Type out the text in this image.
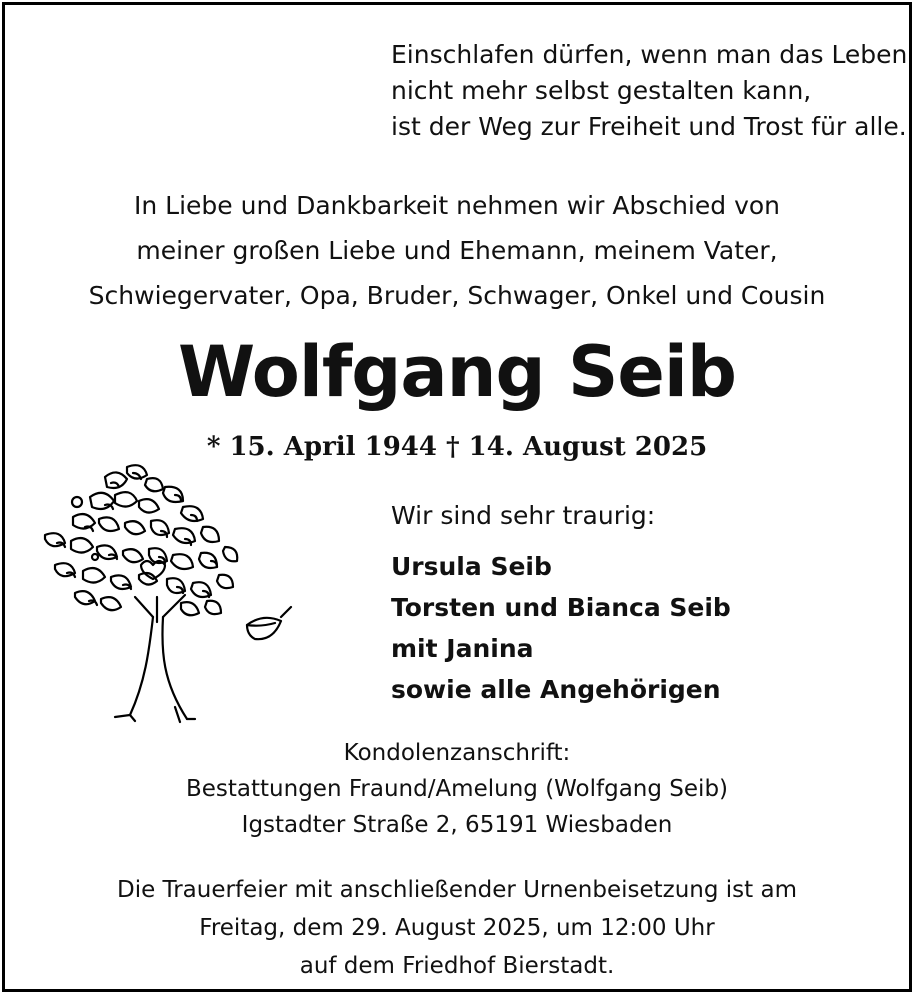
Einschlafen dürfen, wenn man das Leben
nicht mehr selbst gestalten kann,
ist der Weg zur Freiheit und Trost für alle.
In Liebe und Dankbarkeit nehmen wir Abschied von
meiner großen Liebe und Ehemann, meinem Vater,
Schwiegervater, Opa, Bruder, Schwager, Onkel und Cousin
Wolfgang Seib
* 15. April 1944 † 14. August 2025
Wir sind sehr traurig:
Ursula Seib
Torsten und Bianca Seib
mit Janina
sowie alle Angehörigen
Kondolenzanschrift:
Bestattungen Fraund/Amelung (Wolfgang Seib)
Igstadter Straße 2, 65191 Wiesbaden
Die Trauerfeier mit anschließender Urnenbeisetzung ist am
Freitag, dem 29. August 2025, um 12:00 Uhr
auf dem Friedhof Bierstadt.
